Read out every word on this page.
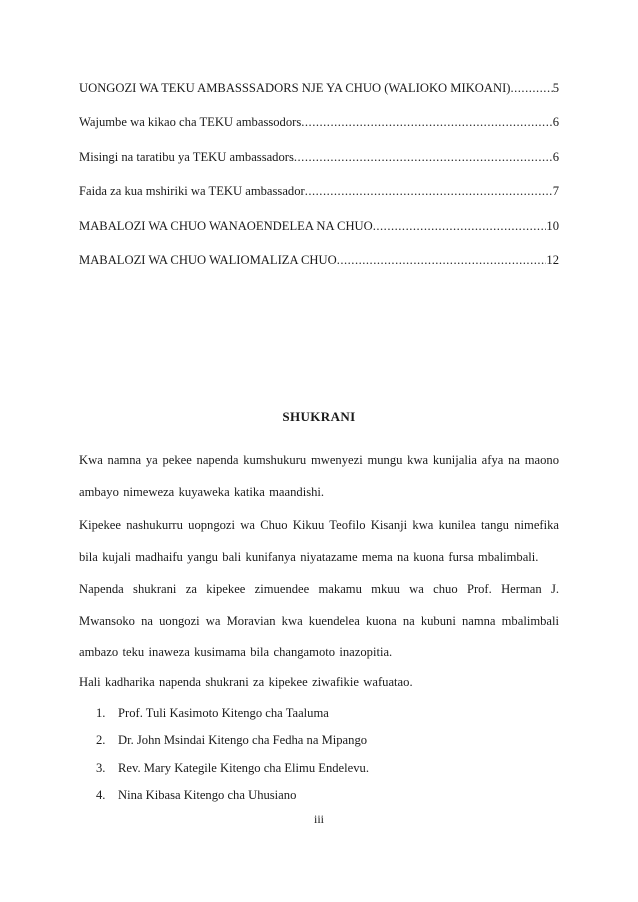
UONGOZI WA TEKU AMBASSSADORS NJE YA CHUO (WALIOKO MIKOANI) .....	5
Wajumbe wa kikao cha TEKU ambassodors .....	6
Misingi na taratibu ya TEKU ambassadors .....	6
Faida za kua mshiriki wa TEKU ambassador .....	7
MABALOZI WA CHUO WANAOENDELEA NA CHUO .....	10
MABALOZI WA CHUO WALIOMALIZA CHUO .....	12
SHUKRANI

Kwa namna ya pekee napenda kumshukuru mwenyezi mungu kwa kunijalia afya na maono ambayo nimeweza kuyaweka katika maandishi.

Kipekee nashukurru uopngozi wa Chuo Kikuu Teofilo Kisanji kwa kunilea tangu nimefika bila kujali madhaifu yangu bali kunifanya niyatazame mema na kuona fursa mbalimbali.

Napenda shukrani za kipekee zimuendee makamu mkuu wa chuo Prof. Herman J. Mwansoko na uongozi wa Moravian kwa kuendelea kuona na kubuni namna mbalimbali ambazo teku inaweza kusimama bila changamoto inazopitia.

Hali kadharika napenda shukrani za kipekee ziwafikie wafuatao.

1. Prof. Tuli Kasimoto Kitengo cha Taaluma
2. Dr. John Msindai Kitengo cha Fedha na Mipango
3. Rev. Mary Kategile Kitengo cha Elimu Endelevu.
4. Nina Kibasa Kitengo cha Uhusiano
iii
